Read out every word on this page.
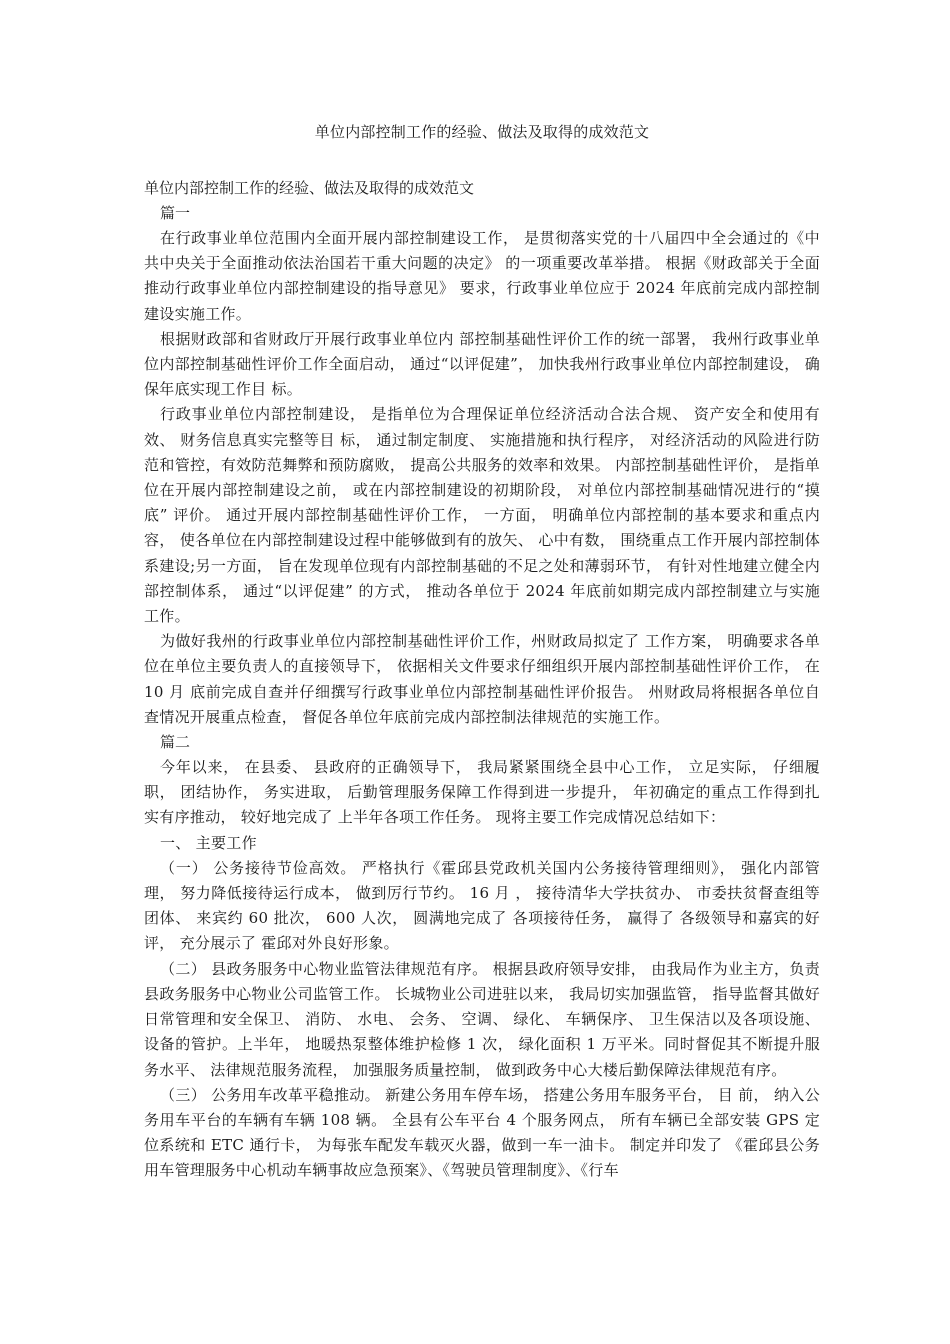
单位内部控制工作的经验、做法及取得的成效范文

单位内部控制工作的经验、做法及取得的成效范文

篇一

在行政事业单位范围内全面开展内部控制建设工作， 是贯彻落实党的十八届四中全会通过的《中共中央关于全面推动依法治国若干重大问题的决定》 的一项重要改革举措。 根据《财政部关于全面推动行政事业单位内部控制建设的指导意见》 要求，行政事业单位应于 2024 年底前完成内部控制建设实施工作。

根据财政部和省财政厅开展行政事业单位内 部控制基础性评价工作的统一部署， 我州行政事业单位内部控制基础性评价工作全面启动， 通过“以评促建”， 加快我州行政事业单位内部控制建设， 确保年底实现工作目 标。

行政事业单位内部控制建设， 是指单位为合理保证单位经济活动合法合规、 资产安全和使用有效、 财务信息真实完整等目 标， 通过制定制度、 实施措施和执行程序， 对经济活动的风险进行防范和管控，有效防范舞弊和预防腐败， 提高公共服务的效率和效果。 内部控制基础性评价， 是指单位在开展内部控制建设之前， 或在内部控制建设的初期阶段， 对单位内部控制基础情况进行的“摸底” 评价。 通过开展内部控制基础性评价工作， 一方面， 明确单位内部控制的基本要求和重点内容， 使各单位在内部控制建设过程中能够做到有的放矢、 心中有数， 围绕重点工作开展内部控制体系建设;另一方面， 旨在发现单位现有内部控制基础的不足之处和薄弱环节， 有针对性地建立健全内部控制体系， 通过“以评促建” 的方式， 推动各单位于 2024 年底前如期完成内部控制建立与实施工作。

为做好我州的行政事业单位内部控制基础性评价工作，州财政局拟定了 工作方案， 明确要求各单位在单位主要负责人的直接领导下， 依据相关文件要求仔细组织开展内部控制基础性评价工作， 在 10 月 底前完成自查并仔细撰写行政事业单位内部控制基础性评价报告。 州财政局将根据各单位自查情况开展重点检查， 督促各单位年底前完成内部控制法律规范的实施工作。

篇二

今年以来， 在县委、 县政府的正确领导下， 我局紧紧围绕全县中心工作， 立足实际， 仔细履职， 团结协作， 务实进取， 后勤管理服务保障工作得到进一步提升， 年初确定的重点工作得到扎实有序推动， 较好地完成了 上半年各项工作任务。 现将主要工作完成情况总结如下：

一、 主要工作

（一） 公务接待节俭高效。 严格执行《霍邱县党政机关国内公务接待管理细则》， 强化内部管理， 努力降低接待运行成本， 做到厉行节约。 16 月 ， 接待清华大学扶贫办、 市委扶贫督查组等团体、 来宾约 60 批次， 600 人次， 圆满地完成了 各项接待任务， 赢得了 各级领导和嘉宾的好评， 充分展示了 霍邱对外良好形象。

（二） 县政务服务中心物业监管法律规范有序。 根据县政府领导安排， 由我局作为业主方，负责县政务服务中心物业公司监管工作。 长城物业公司进驻以来， 我局切实加强监管， 指导监督其做好日常管理和安全保卫、 消防、 水电、 会务、 空调、 绿化、 车辆保序、 卫生保洁以及各项设施、 设备的管护。上半年， 地暖热泵整体维护检修 1 次， 绿化面积 1 万平米。同时督促其不断提升服务水平、 法律规范服务流程， 加强服务质量控制， 做到政务中心大楼后勤保障法律规范有序。

（三） 公务用车改革平稳推动。 新建公务用车停车场， 搭建公务用车服务平台， 目 前， 纳入公务用车平台的车辆有车辆 108 辆。 全县有公车平台 4 个服务网点， 所有车辆已全部安装 GPS 定位系统和 ETC 通行卡， 为每张车配发车载灭火器，做到一车一油卡。 制定并印发了 《霍邱县公务用车管理服务中心机动车辆事故应急预案》、《驾驶员管理制度》、《行车
